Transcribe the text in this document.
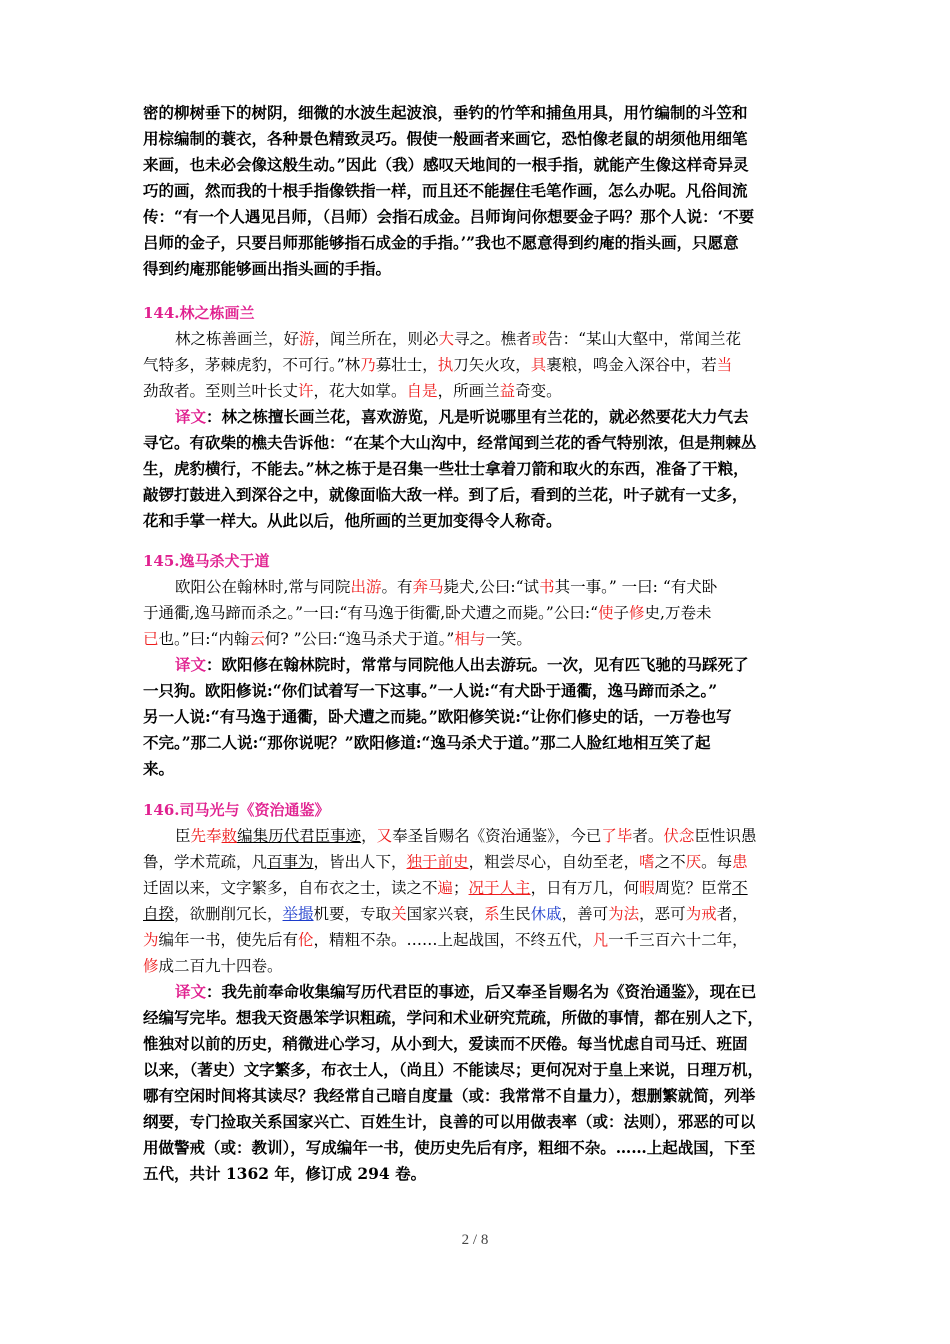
密的柳树垂下的树阴，细微的水波生起波浪，垂钓的竹竿和捕鱼用具，用竹编制的斗笠和
用棕编制的蓑衣，各种景色精致灵巧。假使一般画者来画它，恐怕像老鼠的胡须他用细笔
来画，也未必会像这般生动。”因此（我）感叹天地间的一根手指，就能产生像这样奇异灵
巧的画，然而我的十根手指像铁指一样，而且还不能握住毛笔作画，怎么办呢。凡俗间流
传：“有一个人遇见吕师，（吕师）会指石成金。吕师询问你想要金子吗？那个人说：‘不要
吕师的金子，只要吕师那能够指石成金的手指。’”我也不愿意得到约庵的指头画，只愿意
得到约庵那能够画出指头画的手指。
144.林之栋画兰
林之栋善画兰，好游，闻兰所在，则必大寻之。樵者或告：“某山大壑中，常闻兰花
气特多，茅棘虎豹，不可行。”林乃募壮士，执刀矢火攻，具裹粮，鸣金入深谷中，若当
劲敌者。至则兰叶长丈许，花大如掌。自是，所画兰益奇变。
译文：林之栋擅长画兰花，喜欢游览，凡是听说哪里有兰花的，就必然要花大力气去
寻它。有砍柴的樵夫告诉他：“在某个大山沟中，经常闻到兰花的香气特别浓，但是荆棘丛
生，虎豹横行，不能去。”林之栋于是召集一些壮士拿着刀箭和取火的东西，准备了干粮，
敲锣打鼓进入到深谷之中，就像面临大敌一样。到了后，看到的兰花，叶子就有一丈多，
花和手掌一样大。从此以后，他所画的兰更加变得令人称奇。
145.逸马杀犬于道
欧阳公在翰林时,常与同院出游。有奔马毙犬,公曰:“试书其一事。” 一曰: “有犬卧
于通衢,逸马蹄而杀之。”一曰:“有马逸于街衢,卧犬遭之而毙。”公曰:“使子修史,万卷未
已也。”曰:“内翰云何? ”公曰:“逸马杀犬于道。”相与一笑。
译文：欧阳修在翰林院时，常常与同院他人出去游玩。一次，见有匹飞驰的马踩死了
一只狗。欧阳修说:“你们试着写一下这事。”一人说:“有犬卧于通衢，逸马蹄而杀之。”
另一人说:“有马逸于通衢，卧犬遭之而毙。”欧阳修笑说:“让你们修史的话，一万卷也写
不完。”那二人说:“那你说呢？”欧阳修道:“逸马杀犬于道。”那二人脸红地相互笑了起
来。
146.司马光与《资治通鉴》
臣先奉敕编集历代君臣事迹，又奉圣旨赐名《资治通鉴》，今已了毕者。伏念臣性识愚
鲁，学术荒疏，凡百事为，皆出人下，独于前史，粗尝尽心，自幼至老，嗜之不厌。每患
迁固以来，文字繁多，自布衣之士，读之不遍；况于人主，日有万几，何暇周览？臣常不
自揆，欲删削冗长，举撮机要，专取关国家兴衰，系生民休戚，善可为法，恶可为戒者，
为编年一书，使先后有伦，精粗不杂。……上起战国，不终五代，凡一千三百六十二年，
修成二百九十四卷。
译文：我先前奉命收集编写历代君臣的事迹，后又奉圣旨赐名为《资治通鉴》，现在已
经编写完毕。想我天资愚笨学识粗疏，学问和术业研究荒疏，所做的事情，都在别人之下，
惟独对以前的历史，稍微进心学习，从小到大，爱读而不厌倦。每当忧虑自司马迁、班固
以来，（著史）文字繁多，布衣士人，（尚且）不能读尽；更何况对于皇上来说，日理万机，
哪有空闲时间将其读尽？我经常自己暗自度量（或：我常常不自量力），想删繁就简，列举
纲要，专门捡取关系国家兴亡、百姓生计，良善的可以用做表率（或：法则），邪恶的可以
用做警戒（或：教训），写成编年一书，使历史先后有序，粗细不杂。……上起战国，下至
五代，共计 1362 年，修订成 294 卷。
2 / 8
